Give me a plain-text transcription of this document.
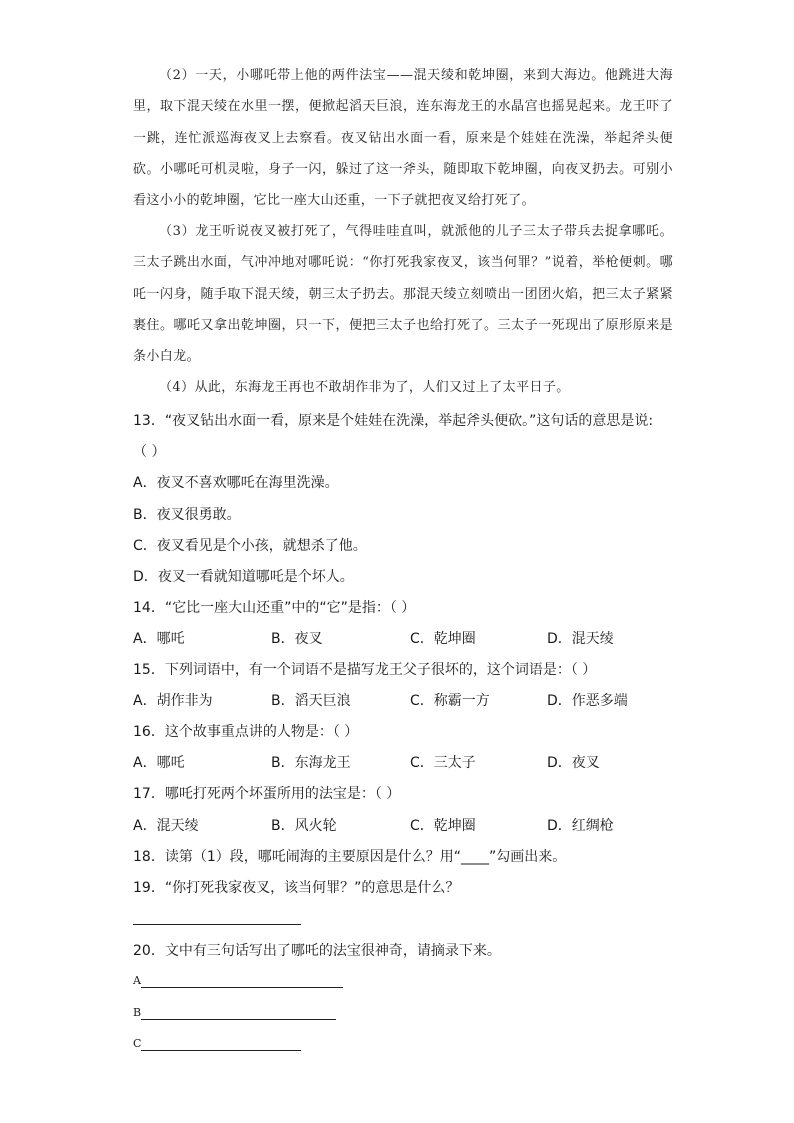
（2）一天，小哪吒带上他的两件法宝——混天绫和乾坤圈，来到大海边。他跳进大海里，取下混天绫在水里一摆，便掀起滔天巨浪，连东海龙王的水晶宫也摇晃起来。龙王吓了一跳，连忙派巡海夜叉上去察看。夜叉钻出水面一看，原来是个娃娃在洗澡，举起斧头便砍。小哪吒可机灵啦，身子一闪，躲过了这一斧头，随即取下乾坤圈，向夜叉扔去。可别小看这小小的乾坤圈，它比一座大山还重，一下子就把夜叉给打死了。

（3）龙王听说夜叉被打死了，气得哇哇直叫，就派他的儿子三太子带兵去捉拿哪吒。三太子跳出水面，气冲冲地对哪吒说：“你打死我家夜叉，该当何罪？”说着，举枪便刺。哪吒一闪身，随手取下混天绫，朝三太子扔去。那混天绫立刻喷出一团团火焰，把三太子紧紧裹住。哪吒又拿出乾坤圈，只一下，便把三太子也给打死了。三太子一死现出了原形原来是条小白龙。

（4）从此，东海龙王再也不敢胡作非为了，人们又过上了太平日子。

13．“夜叉钻出水面一看，原来是个娃娃在洗澡，举起斧头便砍。”这句话的意思是说:

（ ）

A．夜叉不喜欢哪吒在海里洗澡。

B．夜叉很勇敢。

C．夜叉看见是个小孩，就想杀了他。

D．夜叉一看就知道哪吒是个坏人。

14．“它比一座大山还重”中的“它”是指：（ ）

A．哪吒	B．夜叉	C．乾坤圈	D．混天绫

15．下列词语中，有一个词语不是描写龙王父子很坏的，这个词语是：（ ）

A．胡作非为	B．滔天巨浪	C．称霸一方	D．作恶多端

16．这个故事重点讲的人物是：（ ）

A．哪吒	B．东海龙王	C．三太子	D．夜叉

17．哪吒打死两个坏蛋所用的法宝是：（ ）

A．混天绫	B．风火轮	C．乾坤圈	D．红绸枪

18．读第（1）段，哪吒闹海的主要原因是什么？用“____”勾画出来。

19．“你打死我家夜叉，该当何罪？”的意思是什么？

20．文中有三句话写出了哪吒的法宝很神奇，请摘录下来。

A
B
C
